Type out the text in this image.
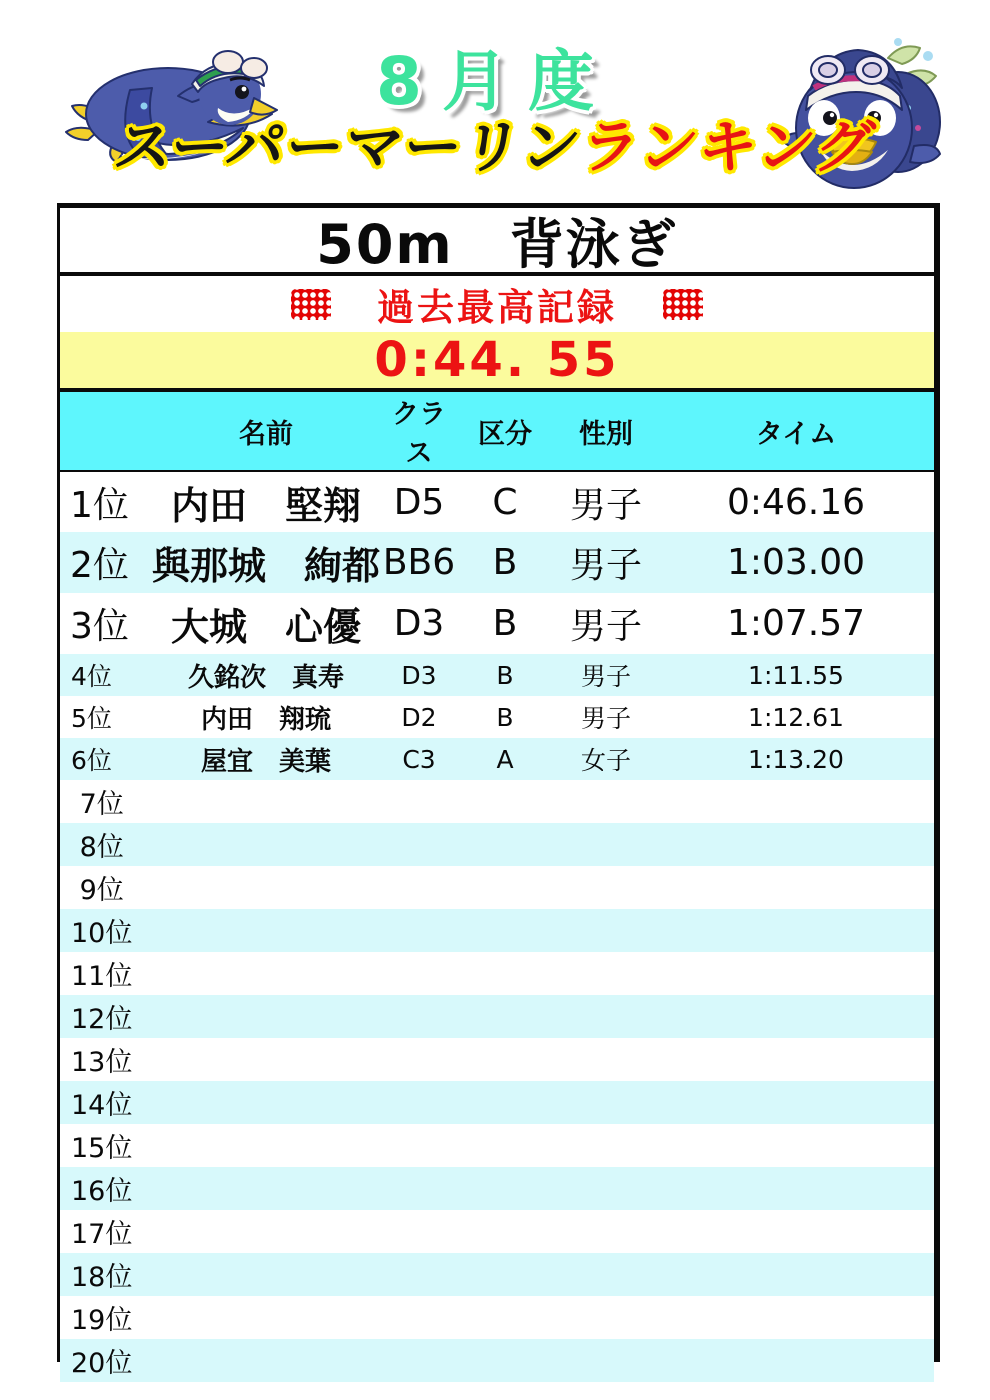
8月度
スーパーマーリンランキング
50m　背泳ぎ
過去最高記録
0:44. 55
	名前	クラス	区分	性別	タイム
1位	内田　堅翔	D5	C	男子	0:46.16
2位	與那城　絢都	BB6	B	男子	1:03.00
3位	大城　心優	D3	B	男子	1:07.57
4位	久銘次　真寿	D3	B	男子	1:11.55
5位	内田　翔琉	D2	B	男子	1:12.61
6位	屋宜　美葉	C3	A	女子	1:13.20
7位					
8位					
9位					
10位					
11位					
12位					
13位					
14位					
15位					
16位					
17位					
18位					
19位					
20位					
